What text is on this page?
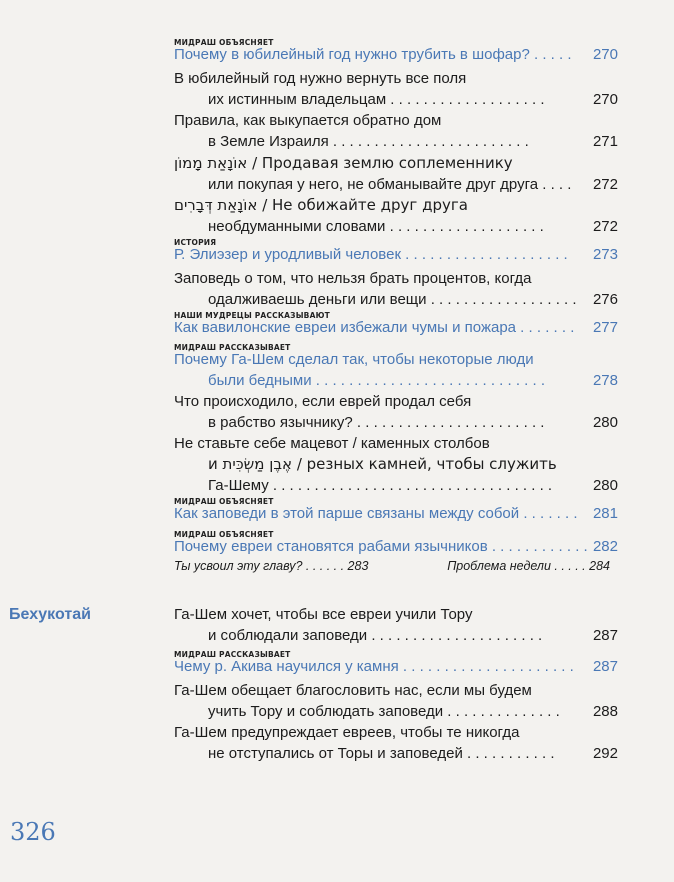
МИДРАШ ОБЪЯСНЯЕТ
Почему в юбилейный год нужно трубить в шофар? . . . . . 270
В юбилейный год нужно вернуть все поля
их истинным владельцам . . . . . . . . . . . . . . . . . . .	270
Правила, как выкупается обратно дом
в Земле Израиля . . . . . . . . . . . . . . . . . . . . . . . .	271
אוֹנָאַת מָמוֹן / Продавая землю соплеменнику
или покупая у него, не обманывайте друг друга . . . . 272
אוֹנָאַת דְּבָרִים / Не обижайте друг друга
необдуманными словами . . . . . . . . . . . . . . . . . . .	272
ИСТОРИЯ
Р. Элиэзер и уродливый человек . . . . . . . . . . . . . . . . . . . . 273
Заповедь о том, что нельзя брать процентов, когда
одалживаешь деньги или вещи . . . . . . . . . . . . . . . . . . 276
НАШИ МУДРЕЦЫ РАССКАЗЫВАЮТ
Как вавилонские евреи избежали чумы и пожара . . . . . . . 277
МИДРАШ РАССКАЗЫВАЕТ
Почему Га-Шем сделал так, чтобы некоторые люди
были бедными . . . . . . . . . . . . . . . . . . . . . . . . . . . .	278
Что происходило, если еврей продал себя
в рабство язычнику? . . . . . . . . . . . . . . . . . . . . . . .	280
Не ставьте себе мацевот / каменных столбов
и אֶבֶן מַשְׂכִּית / резных камней, чтобы служить
Га-Шему . . . . . . . . . . . . . . . . . . . . . . . . . . . . . . . . . .	280
МИДРАШ ОБЪЯСНЯЕТ
Как заповеди в этой парше связаны между собой . . . . . . . 281
МИДРАШ ОБЪЯСНЯЕТ
Почему евреи становятся рабами язычников . . . . . . . . . . . . 282
Га-Шем хочет, чтобы все евреи учили Тору
и соблюдали заповеди . . . . . . . . . . . . . . . . . . . . .	287
МИДРАШ РАССКАЗЫВАЕТ
Чему р. Акива научился у камня . . . . . . . . . . . . . . . . . . . . . 287
Га-Шем обещает благословить нас, если мы будем
учить Тору и соблюдать заповеди . . . . . . . . . . . . . . 288
Га-Шем предупреждает евреев, чтобы те никогда
не отступались от Торы и заповедей . . . . . . . . . . .	292
Ты усвоил эту главу? . . . . . . 283	Проблема недели . . . . . 284
Бехукотай
326
